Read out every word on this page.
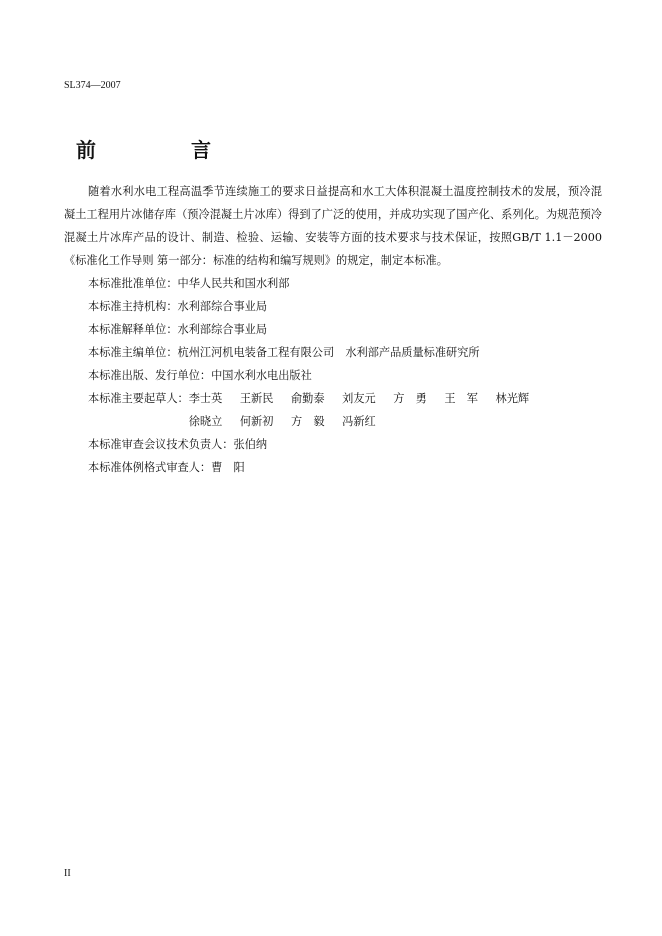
SL374—2007
前 言

随着水利水电工程高温季节连续施工的要求日益提高和水工大体积混凝土温度控制技术的发展，预冷混凝土工程用片冰储存库（预冷混凝土片冰库）得到了广泛的使用，并成功实现了国产化、系列化。为规范预冷混凝土片冰库产品的设计、制造、检验、运输、安装等方面的技术要求与技术保证，按照GB/T 1.1－2000《标准化工作导则 第一部分：标准的结构和编写规则》的规定，制定本标准。

本标准批准单位：中华人民共和国水利部

本标准主持机构：水利部综合事业局

本标准解释单位：水利部综合事业局

本标准主编单位：杭州江河机电装备工程有限公司　水利部产品质量标准研究所

本标准出版、发行单位：中国水利水电出版社

本标准主要起草人：李士英 王新民 俞勤泰 刘友元 方　勇 王　军 林光辉 徐晓立 何新初 方　毅 冯新红

本标准审查会议技术负责人：张伯纳

本标准体例格式审查人：曹　阳

II
